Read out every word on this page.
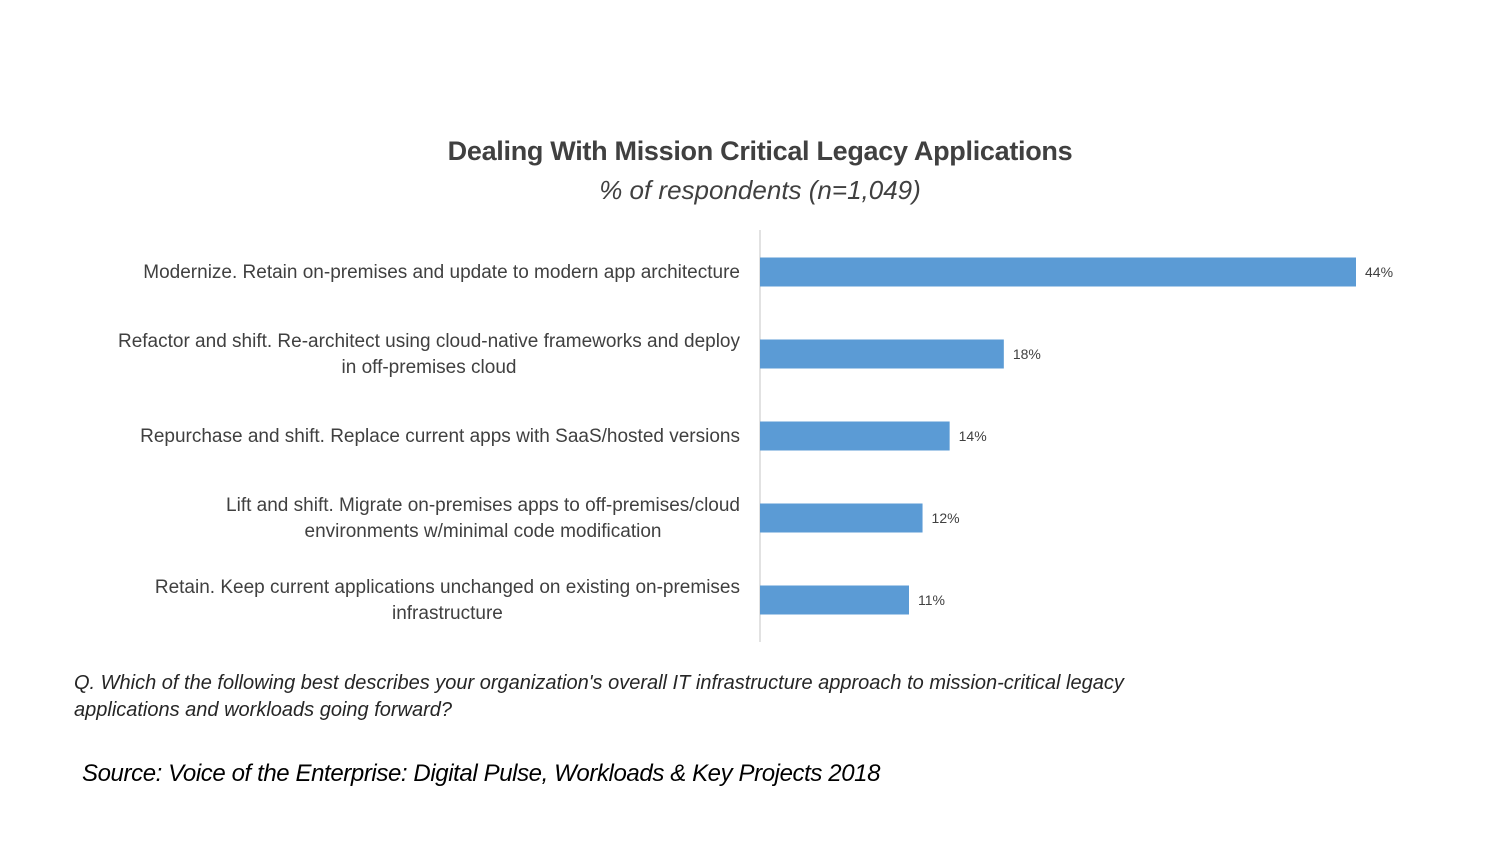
Dealing With Mission Critical Legacy Applications
% of respondents (n=1,049)
44%
Modernize. Retain on-premises and update to modern app architecture
18%
Refactor and shift. Re-architect using cloud-native frameworks and deploy in off-premises cloud
14%
Repurchase and shift. Replace current apps with SaaS/hosted versions
12%
Lift and shift. Migrate on-premises apps to off-premises/cloud environments w/minimal code modification
11%
Retain. Keep current applications unchanged on existing on-premises infrastructure
Q. Which of the following best describes your organization's overall IT infrastructure approach to mission-critical legacy applications and workloads going forward?
Source: Voice of the Enterprise: Digital Pulse, Workloads & Key Projects 2018
